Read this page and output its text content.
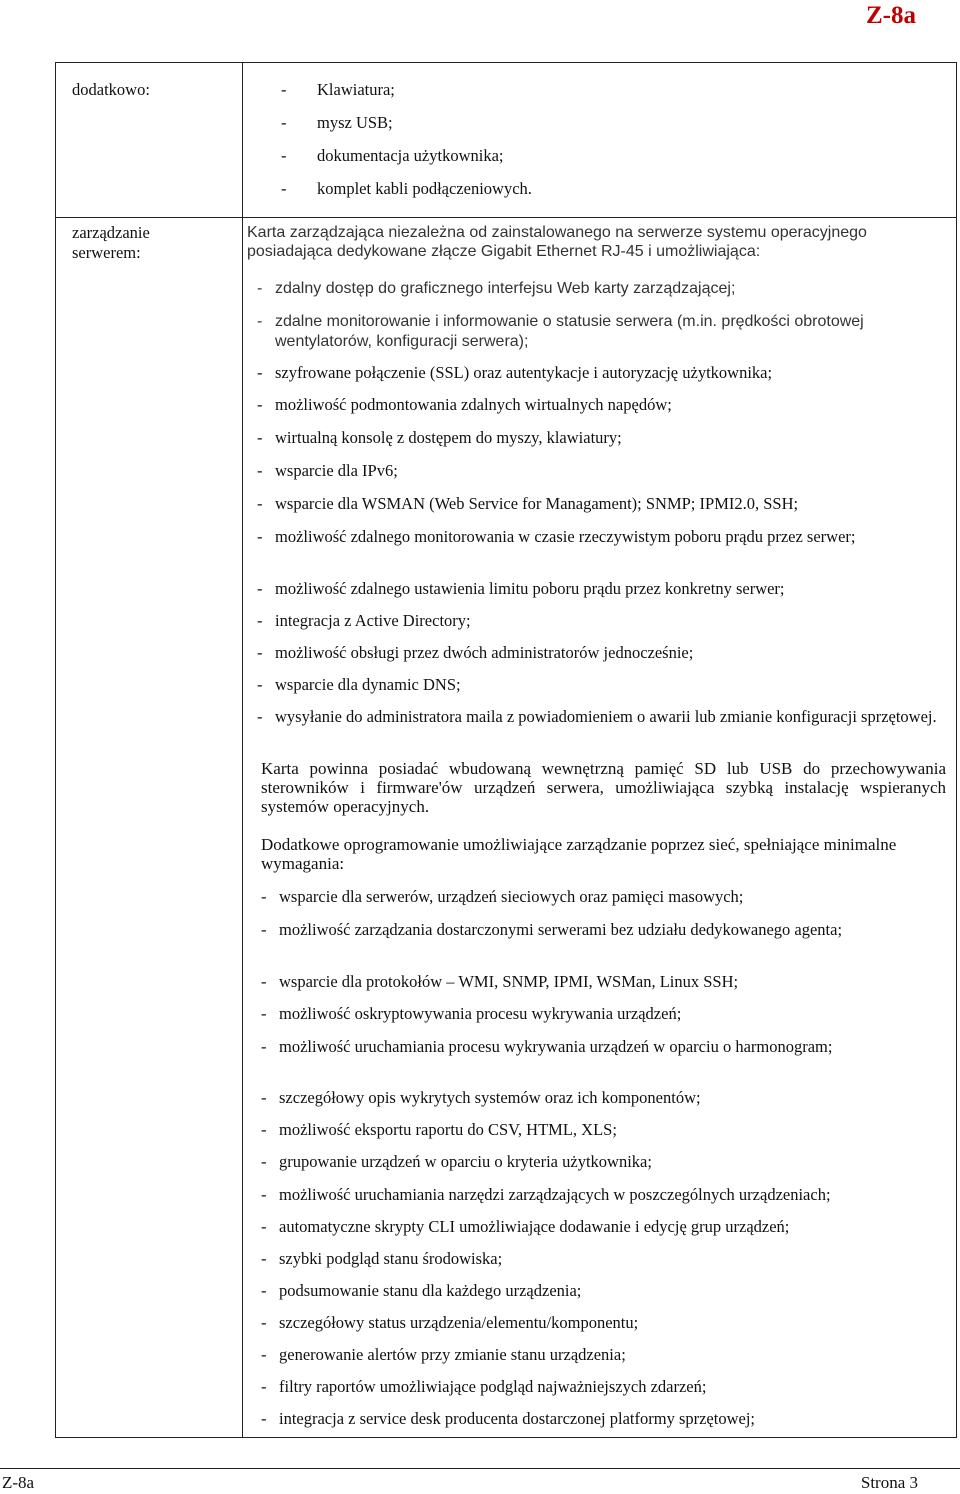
Z-8a
dodatkowo:	- Klawiatura;
- mysz USB;
- dokumentacja użytkownika;
- komplet kabli podłączeniowych.
zarządzanie
serwerem:
Karta zarządzająca niezależna od zainstalowanego na serwerze systemu operacyjnego posiadająca dedykowane złącze Gigabit Ethernet RJ-45 i umożliwiająca:
- zdalny dostęp do graficznego interfejsu Web karty zarządzającej;
- zdalne monitorowanie i informowanie o statusie serwera (m.in. prędkości obrotowej wentylatorów, konfiguracji serwera);
- szyfrowane połączenie (SSL) oraz autentykacje i autoryzację użytkownika;
- możliwość podmontowania zdalnych wirtualnych napędów;
- wirtualną konsolę z dostępem do myszy, klawiatury;
- wsparcie dla IPv6;
- wsparcie dla WSMAN (Web Service for Managament); SNMP; IPMI2.0, SSH;
- możliwość zdalnego monitorowania w czasie rzeczywistym poboru prądu przez serwer;
- możliwość zdalnego ustawienia limitu poboru prądu przez konkretny serwer;
- integracja z Active Directory;
- możliwość obsługi przez dwóch administratorów jednocześnie;
- wsparcie dla dynamic DNS;
- wysyłanie do administratora maila z powiadomieniem o awarii lub zmianie konfiguracji sprzętowej.
Karta powinna posiadać wbudowaną wewnętrzną pamięć SD lub USB do przechowywania sterowników i firmware'ów urządzeń serwera, umożliwiająca szybką instalację wspieranych systemów operacyjnych.
Dodatkowe oprogramowanie umożliwiające zarządzanie poprzez sieć, spełniające minimalne wymagania:
- wsparcie dla serwerów, urządzeń sieciowych oraz pamięci masowych;
- możliwość zarządzania dostarczonymi serwerami bez udziału dedykowanego agenta;
- wsparcie dla protokołów – WMI, SNMP, IPMI, WSMan, Linux SSH;
- możliwość oskryptowywania procesu wykrywania urządzeń;
- możliwość uruchamiania procesu wykrywania urządzeń w oparciu o harmonogram;
- szczegółowy opis wykrytych systemów oraz ich komponentów;
- możliwość eksportu raportu do CSV, HTML, XLS;
- grupowanie urządzeń w oparciu o kryteria użytkownika;
- możliwość uruchamiania narzędzi zarządzających w poszczególnych urządzeniach;
- automatyczne skrypty CLI umożliwiające dodawanie i edycję grup urządzeń;
- szybki podgląd stanu środowiska;
- podsumowanie stanu dla każdego urządzenia;
- szczegółowy status urządzenia/elementu/komponentu;
- generowanie alertów przy zmianie stanu urządzenia;
- filtry raportów umożliwiające podgląd najważniejszych zdarzeń;
- integracja z service desk producenta dostarczonej platformy sprzętowej;
Z-8a	Strona 3
